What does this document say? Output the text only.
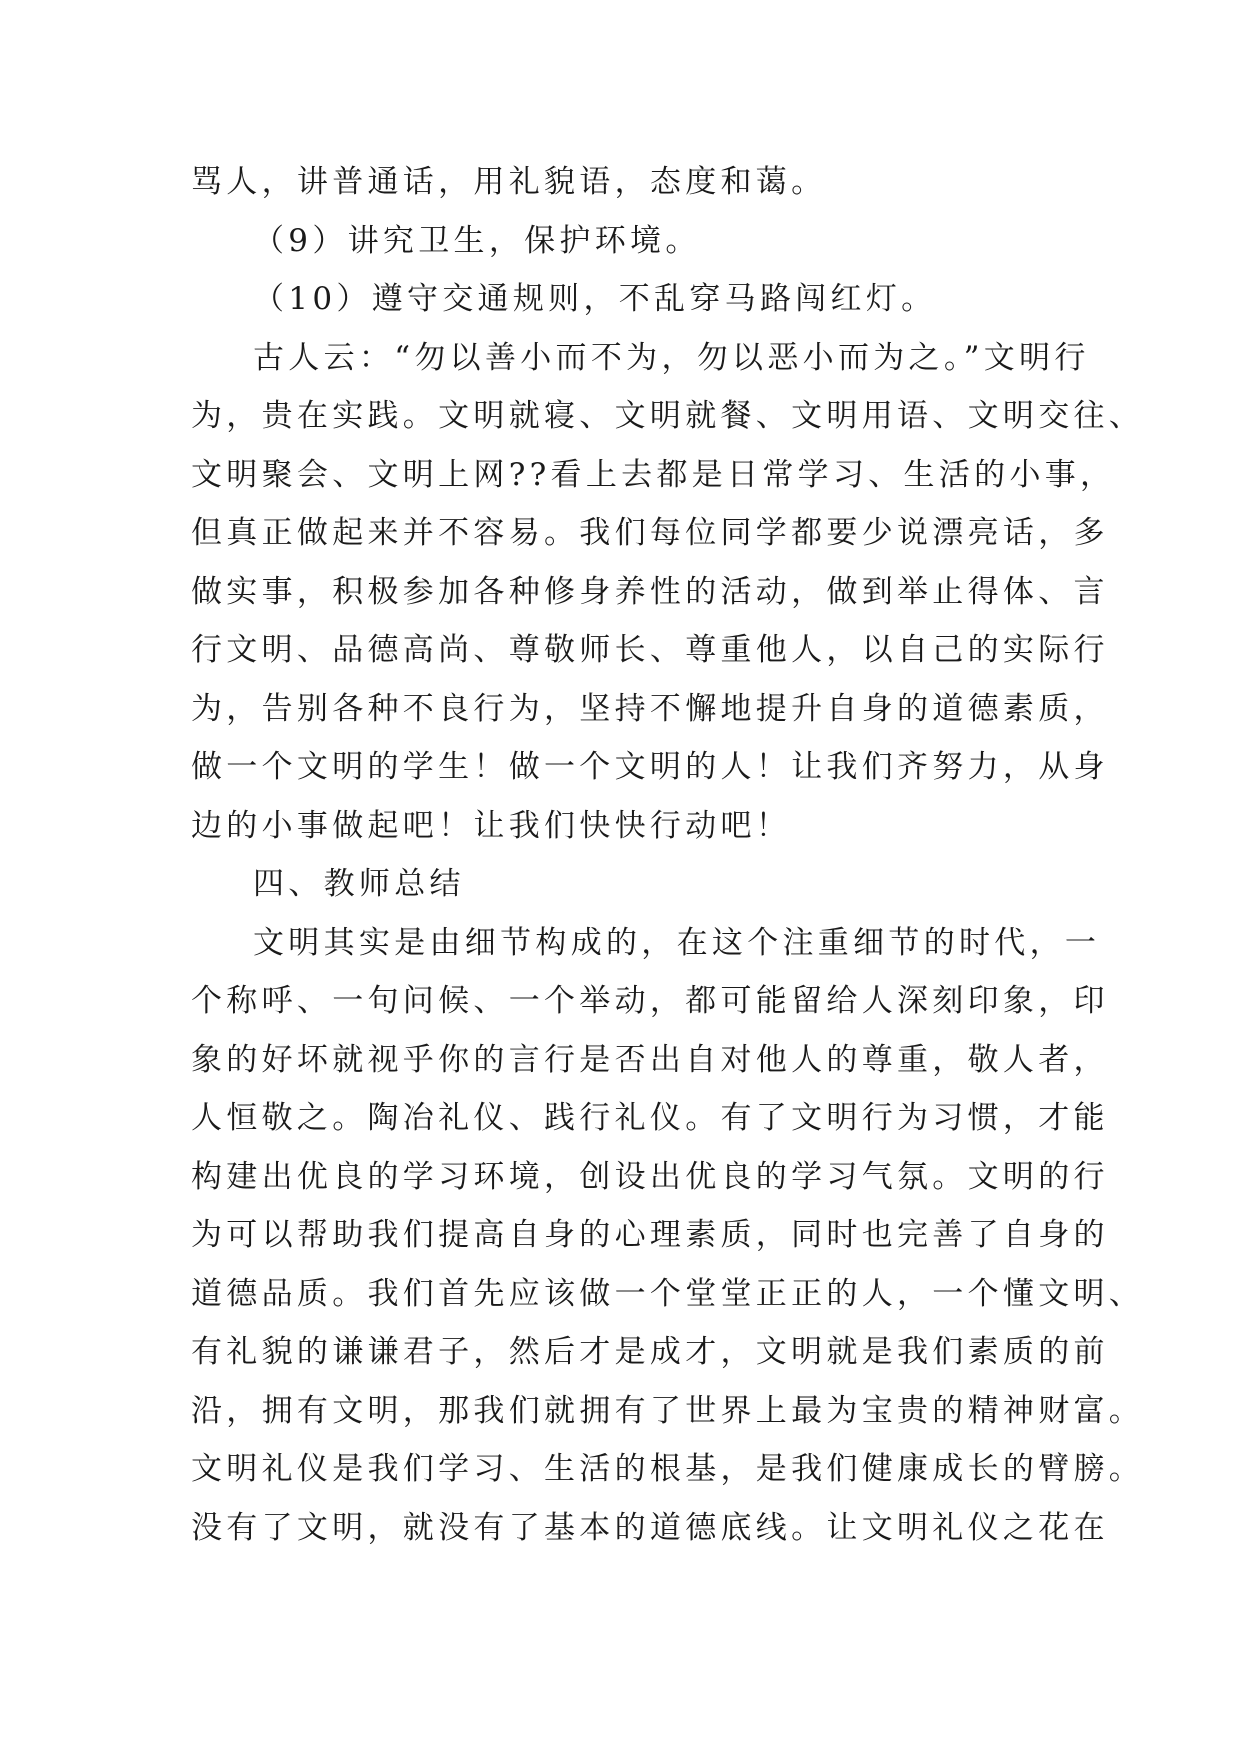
骂人，讲普通话，用礼貌语，态度和蔼。
（9）讲究卫生，保护环境。
（10）遵守交通规则，不乱穿马路闯红灯。
古人云：“勿以善小而不为，勿以恶小而为之。”文明行
为，贵在实践。文明就寝、文明就餐、文明用语、文明交往、
文明聚会、文明上网??看上去都是日常学习、生活的小事，
但真正做起来并不容易。我们每位同学都要少说漂亮话，多
做实事，积极参加各种修身养性的活动，做到举止得体、言
行文明、品德高尚、尊敬师长、尊重他人，以自己的实际行
为，告别各种不良行为，坚持不懈地提升自身的道德素质，
做一个文明的学生！做一个文明的人！让我们齐努力，从身
边的小事做起吧！让我们快快行动吧！
四、教师总结
文明其实是由细节构成的，在这个注重细节的时代，一
个称呼、一句问候、一个举动，都可能留给人深刻印象，印
象的好坏就视乎你的言行是否出自对他人的尊重，敬人者，
人恒敬之。陶冶礼仪、践行礼仪。有了文明行为习惯，才能
构建出优良的学习环境，创设出优良的学习气氛。文明的行
为可以帮助我们提高自身的心理素质，同时也完善了自身的
道德品质。我们首先应该做一个堂堂正正的人，一个懂文明、
有礼貌的谦谦君子，然后才是成才，文明就是我们素质的前
沿，拥有文明，那我们就拥有了世界上最为宝贵的精神财富。
文明礼仪是我们学习、生活的根基，是我们健康成长的臂膀。
没有了文明，就没有了基本的道德底线。让文明礼仪之花在
